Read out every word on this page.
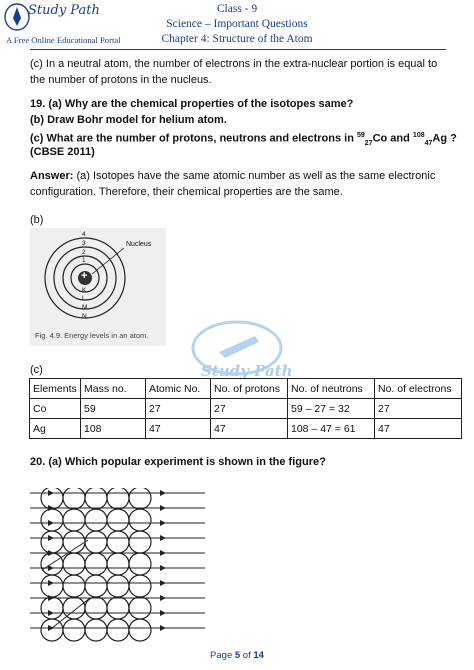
Study Path
A Free Online Educational Portal
Class - 9
Science – Important Questions
Chapter 4: Structure of the Atom
(c) In a neutral atom, the number of electrons in the extra-nuclear portion is equal to
the number of protons in the nucleus.
19. (a) Why are the chemical properties of the isotopes same?
(b) Draw Bohr model for helium atom.
(c) What are the number of protons, neutrons and electrons in $^{59}_{27}$Co and $^{108}_{47}$Ag ?
(CBSE 2011)
Answer: (a) Isotopes have the same atomic number as well as the same electronic
configuration. Therefore, their chemical properties are the same.
(b)
+
Nucleus
4
3
2
1
K
L
M
N
Fig. 4.9. Energy levels in an atom.
Study Path
(c)
Elements	Mass no.	Atomic No.	No. of protons	No. of neutrons	No. of electrons
Co	59	27	27	59 – 27 = 32	27
Ag	108	47	47	108 – 47 = 61	47
20. (a) Which popular experiment is shown in the figure?
Page 5 of 14
